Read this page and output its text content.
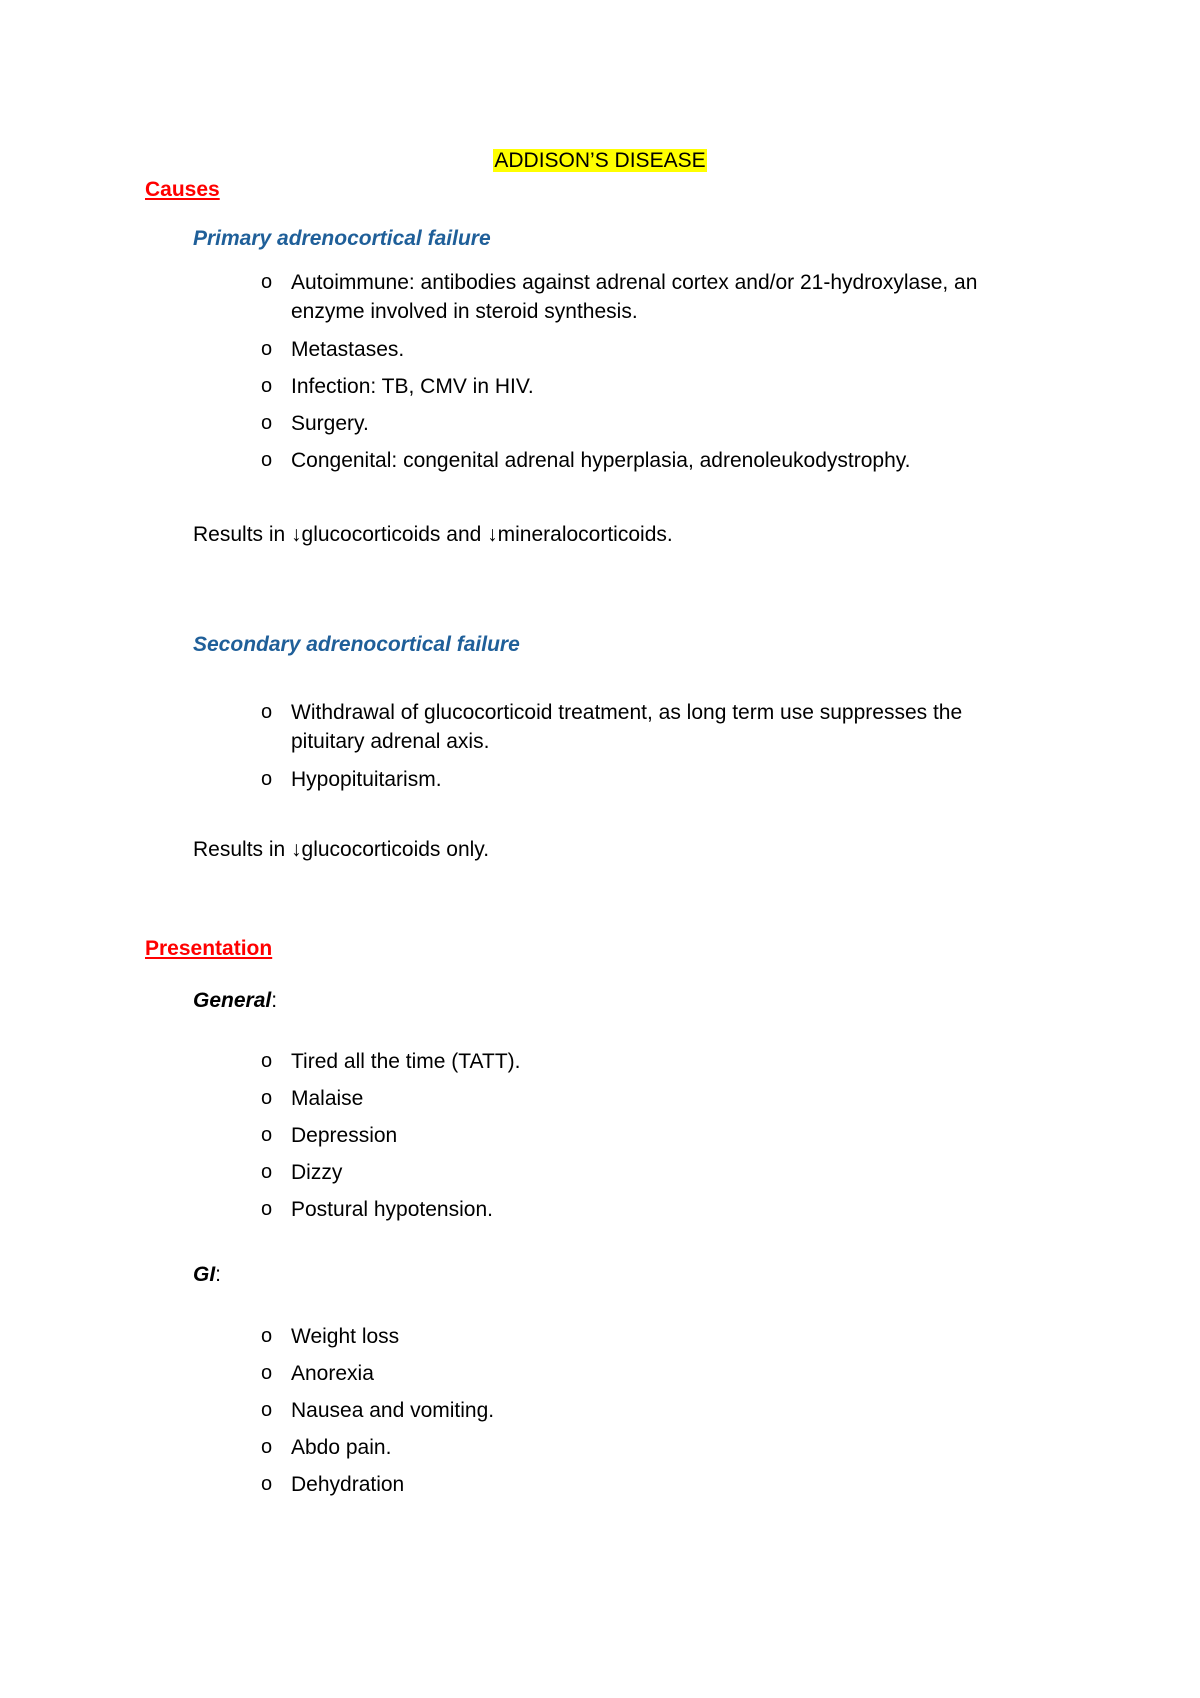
ADDISON’S DISEASE
Causes
Primary adrenocortical failure
o Autoimmune: antibodies against adrenal cortex and/or 21-hydroxylase, an
enzyme involved in steroid synthesis.
o Metastases.
o Infection: TB, CMV in HIV.
o Surgery.
o Congenital: congenital adrenal hyperplasia, adrenoleukodystrophy.
Results in ↓glucocorticoids and ↓mineralocorticoids.
Secondary adrenocortical failure
o Withdrawal of glucocorticoid treatment, as long term use suppresses the
pituitary adrenal axis.
o Hypopituitarism.
Results in ↓glucocorticoids only.
Presentation
General:
o Tired all the time (TATT).
o Malaise
o Depression
o Dizzy
o Postural hypotension.
GI:
o Weight loss
o Anorexia
o Nausea and vomiting.
o Abdo pain.
o Dehydration
